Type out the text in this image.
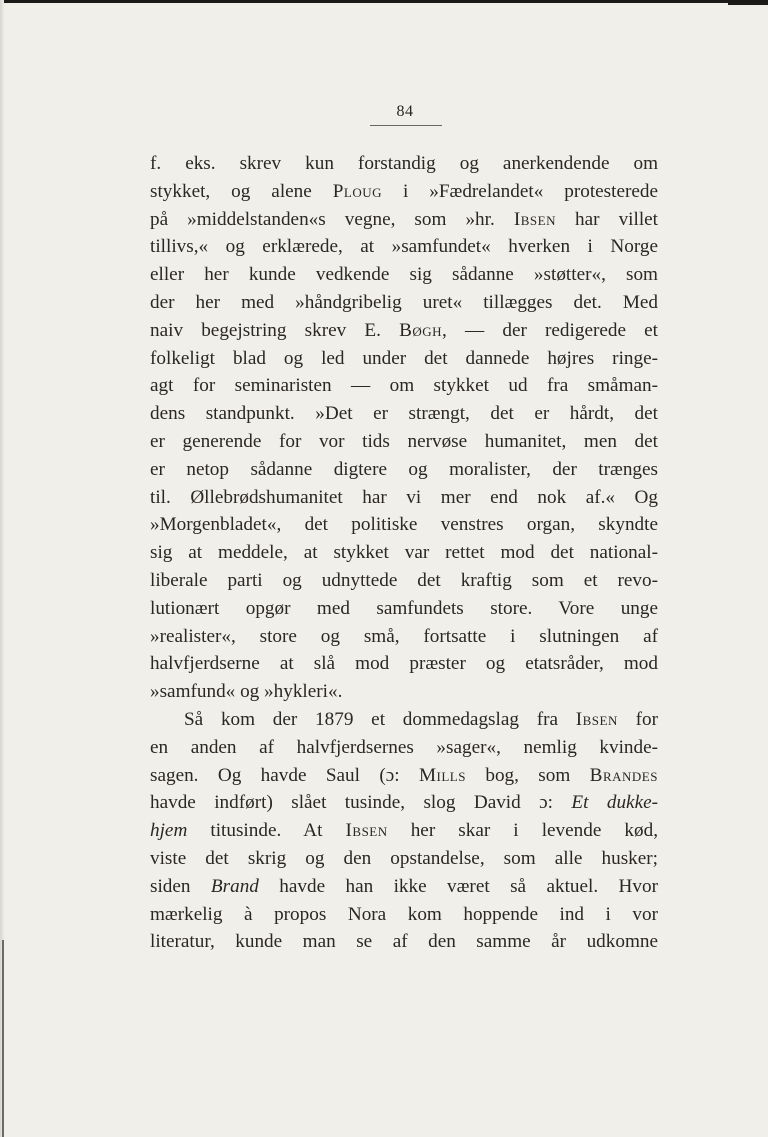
84
f. eks. skrev kun forstandig og anerkendende om
stykket, og alene Ploug i »Fædrelandet« protesterede
på »middelstanden«s vegne, som »hr. Ibsen har villet
tillivs,« og erklærede, at »samfundet« hverken i Norge
eller her kunde vedkende sig sådanne »støtter«, som
der her med »håndgribelig uret« tillægges det. Med
naiv begejstring skrev E. Bøgh, — der redigerede et
folkeligt blad og led under det dannede højres ringe-
agt for seminaristen — om stykket ud fra småman-
dens standpunkt. »Det er strængt, det er hårdt, det
er generende for vor tids nervøse humanitet, men det
er netop sådanne digtere og moralister, der trænges
til. Øllebrødshumanitet har vi mer end nok af.« Og
»Morgenbladet«, det politiske venstres organ, skyndte
sig at meddele, at stykket var rettet mod det national-
liberale parti og udnyttede det kraftig som et revo-
lutionært opgør med samfundets store. Vore unge
»realister«, store og små, fortsatte i slutningen af
halvfjerdserne at slå mod præster og etatsråder, mod
»samfund« og »hykleri«.
Så kom der 1879 et dommedagslag fra Ibsen for
en anden af halvfjerdsernes »sager«, nemlig kvinde-
sagen. Og havde Saul (ɔ: Mills bog, som Brandes
havde indført) slået tusinde, slog David ɔ: Et dukke-
hjem titusinde. At Ibsen her skar i levende kød,
viste det skrig og den opstandelse, som alle husker;
siden Brand havde han ikke været så aktuel. Hvor
mærkelig à propos Nora kom hoppende ind i vor
literatur, kunde man se af den samme år udkomne
